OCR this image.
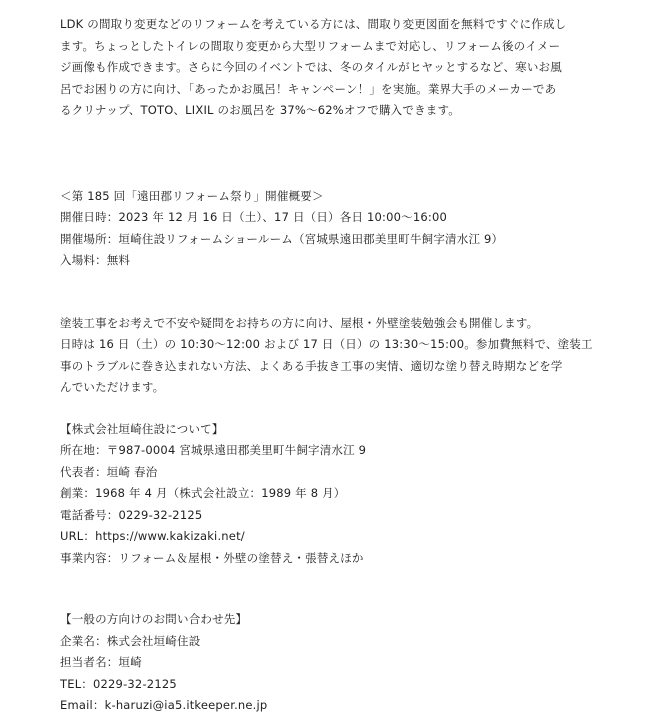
LDK の間取り変更などのリフォームを考えている方には、間取り変更図面を無料ですぐに作成し
ます。ちょっとしたトイレの間取り変更から大型リフォームまで対応し、リフォーム後のイメー
ジ画像も作成できます。さらに今回のイベントでは、冬のタイルがヒヤッとするなど、寒いお風
呂でお困りの方に向け、「あったかお風呂！キャンペーン！」を実施。業界大手のメーカーであ
るクリナップ、TOTO、LIXIL のお風呂を 37%〜62%オフで購入できます。

＜第 185 回「遠田郡リフォーム祭り」開催概要＞
開催日時：2023 年 12 月 16 日（土）、17 日（日）各日 10:00〜16:00
開催場所：垣崎住設リフォームショールーム（宮城県遠田郡美里町牛飼字清水江 9）
入場料：無料
塗装工事をお考えで不安や疑問をお持ちの方に向け、屋根・外壁塗装勉強会も開催します。
日時は 16 日（土）の 10:30〜12:00 および 17 日（日）の 13:30〜15:00。参加費無料で、塗装工
事のトラブルに巻き込まれない方法、よくある手抜き工事の実情、適切な塗り替え時期などを学
んでいただけます。
【株式会社垣崎住設について】
所在地：〒987-0004 宮城県遠田郡美里町牛飼字清水江 9
代表者：垣崎 春治
創業：1968 年 4 月（株式会社設立：1989 年 8 月）
電話番号：0229-32-2125
URL：https://www.kakizaki.net/
事業内容：リフォーム＆屋根・外壁の塗替え・張替えほか
【一般の方向けのお問い合わせ先】
企業名：株式会社垣崎住設
担当者名：垣崎
TEL：0229-32-2125
Email：k-haruzi@ia5.itkeeper.ne.jp
